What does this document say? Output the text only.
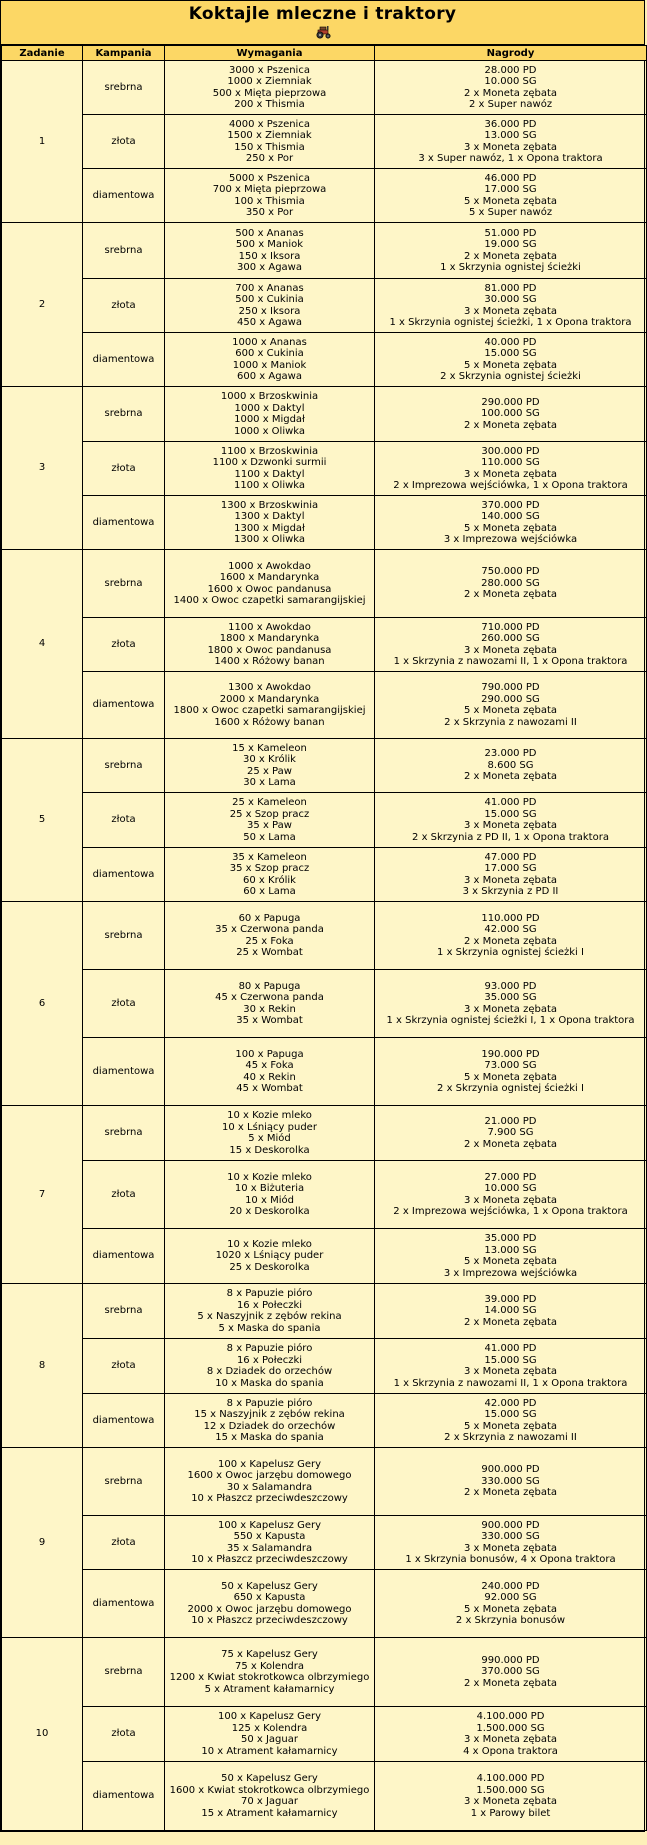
Koktajle mleczne i traktory
Zadanie	Kampania	Wymagania	Nagrody
1	srebrna	3000 x Pszenica
1000 x Ziemniak
500 x Mięta pieprzowa
200 x Thismia	28.000 PD
10.000 SG
2 x Moneta zębata
2 x Super nawóz

	złota	4000 x Pszenica
1500 x Ziemniak
150 x Thismia
250 x Por	36.000 PD
13.000 SG
3 x Moneta zębata
3 x Super nawóz, 1 x Opona traktora

	diamentowa	5000 x Pszenica
700 x Mięta pieprzowa
100 x Thismia
350 x Por	46.000 PD
17.000 SG
5 x Moneta zębata
5 x Super nawóz

2	srebrna	500 x Ananas
500 x Maniok
150 x Iksora
300 x Agawa	51.000 PD
19.000 SG
2 x Moneta zębata
1 x Skrzynia ognistej ścieżki

	złota	700 x Ananas
500 x Cukinia
250 x Iksora
450 x Agawa	81.000 PD
30.000 SG
3 x Moneta zębata
1 x Skrzynia ognistej ścieżki, 1 x Opona traktora

	diamentowa	1000 x Ananas
600 x Cukinia
1000 x Maniok
600 x Agawa	40.000 PD
15.000 SG
5 x Moneta zębata
2 x Skrzynia ognistej ścieżki

3	srebrna	1000 x Brzoskwinia
1000 x Daktyl
1000 x Migdał
1000 x Oliwka	290.000 PD
100.000 SG
2 x Moneta zębata

	złota	1100 x Brzoskwinia
1100 x Dzwonki surmii
1100 x Daktyl
1100 x Oliwka	300.000 PD
110.000 SG
3 x Moneta zębata
2 x Imprezowa wejściówka, 1 x Opona traktora

	diamentowa	1300 x Brzoskwinia
1300 x Daktyl
1300 x Migdał
1300 x Oliwka	370.000 PD
140.000 SG
5 x Moneta zębata
3 x Imprezowa wejściówka

4	srebrna	1000 x Awokdao
1600 x Mandarynka
1600 x Owoc pandanusa
1400 x Owoc czapetki samarangijskiej	750.000 PD
280.000 SG
2 x Moneta zębata

	złota	1100 x Awokdao
1800 x Mandarynka
1800 x Owoc pandanusa
1400 x Różowy banan	710.000 PD
260.000 SG
3 x Moneta zębata
1 x Skrzynia z nawozami II, 1 x Opona traktora

	diamentowa	1300 x Awokdao
2000 x Mandarynka
1800 x Owoc czapetki samarangijskiej
1600 x Różowy banan	790.000 PD
290.000 SG
5 x Moneta zębata
2 x Skrzynia z nawozami II

5	srebrna	15 x Kameleon
30 x Królik
25 x Paw
30 x Lama	23.000 PD
8.600 SG
2 x Moneta zębata

	złota	25 x Kameleon
25 x Szop pracz
35 x Paw
50 x Lama	41.000 PD
15.000 SG
3 x Moneta zębata
2 x Skrzynia z PD II, 1 x Opona traktora

	diamentowa	35 x Kameleon
35 x Szop pracz
60 x Królik
60 x Lama	47.000 PD
17.000 SG
3 x Moneta zębata
3 x Skrzynia z PD II

6	srebrna	60 x Papuga
35 x Czerwona panda
25 x Foka
25 x Wombat	110.000 PD
42.000 SG
2 x Moneta zębata
1 x Skrzynia ognistej ścieżki I

	złota	80 x Papuga
45 x Czerwona panda
30 x Rekin
35 x Wombat	93.000 PD
35.000 SG
3 x Moneta zębata
1 x Skrzynia ognistej ścieżki I, 1 x Opona traktora

	diamentowa	100 x Papuga
45 x Foka
40 x Rekin
45 x Wombat	190.000 PD
73.000 SG
5 x Moneta zębata
2 x Skrzynia ognistej ścieżki I

7	srebrna	10 x Kozie mleko
10 x Lśniący puder
5 x Miód
15 x Deskorolka	21.000 PD
7.900 SG
2 x Moneta zębata

	złota	10 x Kozie mleko
10 x Biżuteria
10 x Miód
20 x Deskorolka	27.000 PD
10.000 SG
3 x Moneta zębata
2 x Imprezowa wejściówka, 1 x Opona traktora

	diamentowa	10 x Kozie mleko
1020 x Lśniący puder
25 x Deskorolka	35.000 PD
13.000 SG
5 x Moneta zębata
3 x Imprezowa wejściówka

8	srebrna	8 x Papuzie pióro
16 x Połeczki
5 x Naszyjnik z zębów rekina
5 x Maska do spania	39.000 PD
14.000 SG
2 x Moneta zębata

	złota	8 x Papuzie pióro
16 x Połeczki
8 x Dziadek do orzechów
10 x Maska do spania	41.000 PD
15.000 SG
3 x Moneta zębata
1 x Skrzynia z nawozami II, 1 x Opona traktora

	diamentowa	8 x Papuzie pióro
15 x Naszyjnik z zębów rekina
12 x Dziadek do orzechów
15 x Maska do spania	42.000 PD
15.000 SG
5 x Moneta zębata
2 x Skrzynia z nawozami II

9	srebrna	100 x Kapelusz Gery
1600 x Owoc jarzębu domowego
30 x Salamandra
10 x Płaszcz przeciwdeszczowy	900.000 PD
330.000 SG
2 x Moneta zębata

	złota	100 x Kapelusz Gery
550 x Kapusta
35 x Salamandra
10 x Płaszcz przeciwdeszczowy	900.000 PD
330.000 SG
3 x Moneta zębata
1 x Skrzynia bonusów, 4 x Opona traktora

	diamentowa	50 x Kapelusz Gery
650 x Kapusta
2000 x Owoc jarzębu domowego
10 x Płaszcz przeciwdeszczowy	240.000 PD
92.000 SG
5 x Moneta zębata
2 x Skrzynia bonusów

10	srebrna	75 x Kapelusz Gery
75 x Kolendra
1200 x Kwiat stokrotkowca olbrzymiego
5 x Atrament kałamarnicy	990.000 PD
370.000 SG
2 x Moneta zębata

	złota	100 x Kapelusz Gery
125 x Kolendra
50 x Jaguar
10 x Atrament kałamarnicy	4.100.000 PD
1.500.000 SG
3 x Moneta zębata
4 x Opona traktora

	diamentowa	50 x Kapelusz Gery
1600 x Kwiat stokrotkowca olbrzymiego
70 x Jaguar
15 x Atrament kałamarnicy	4.100.000 PD
1.500.000 SG
3 x Moneta zębata
1 x Parowy bilet
